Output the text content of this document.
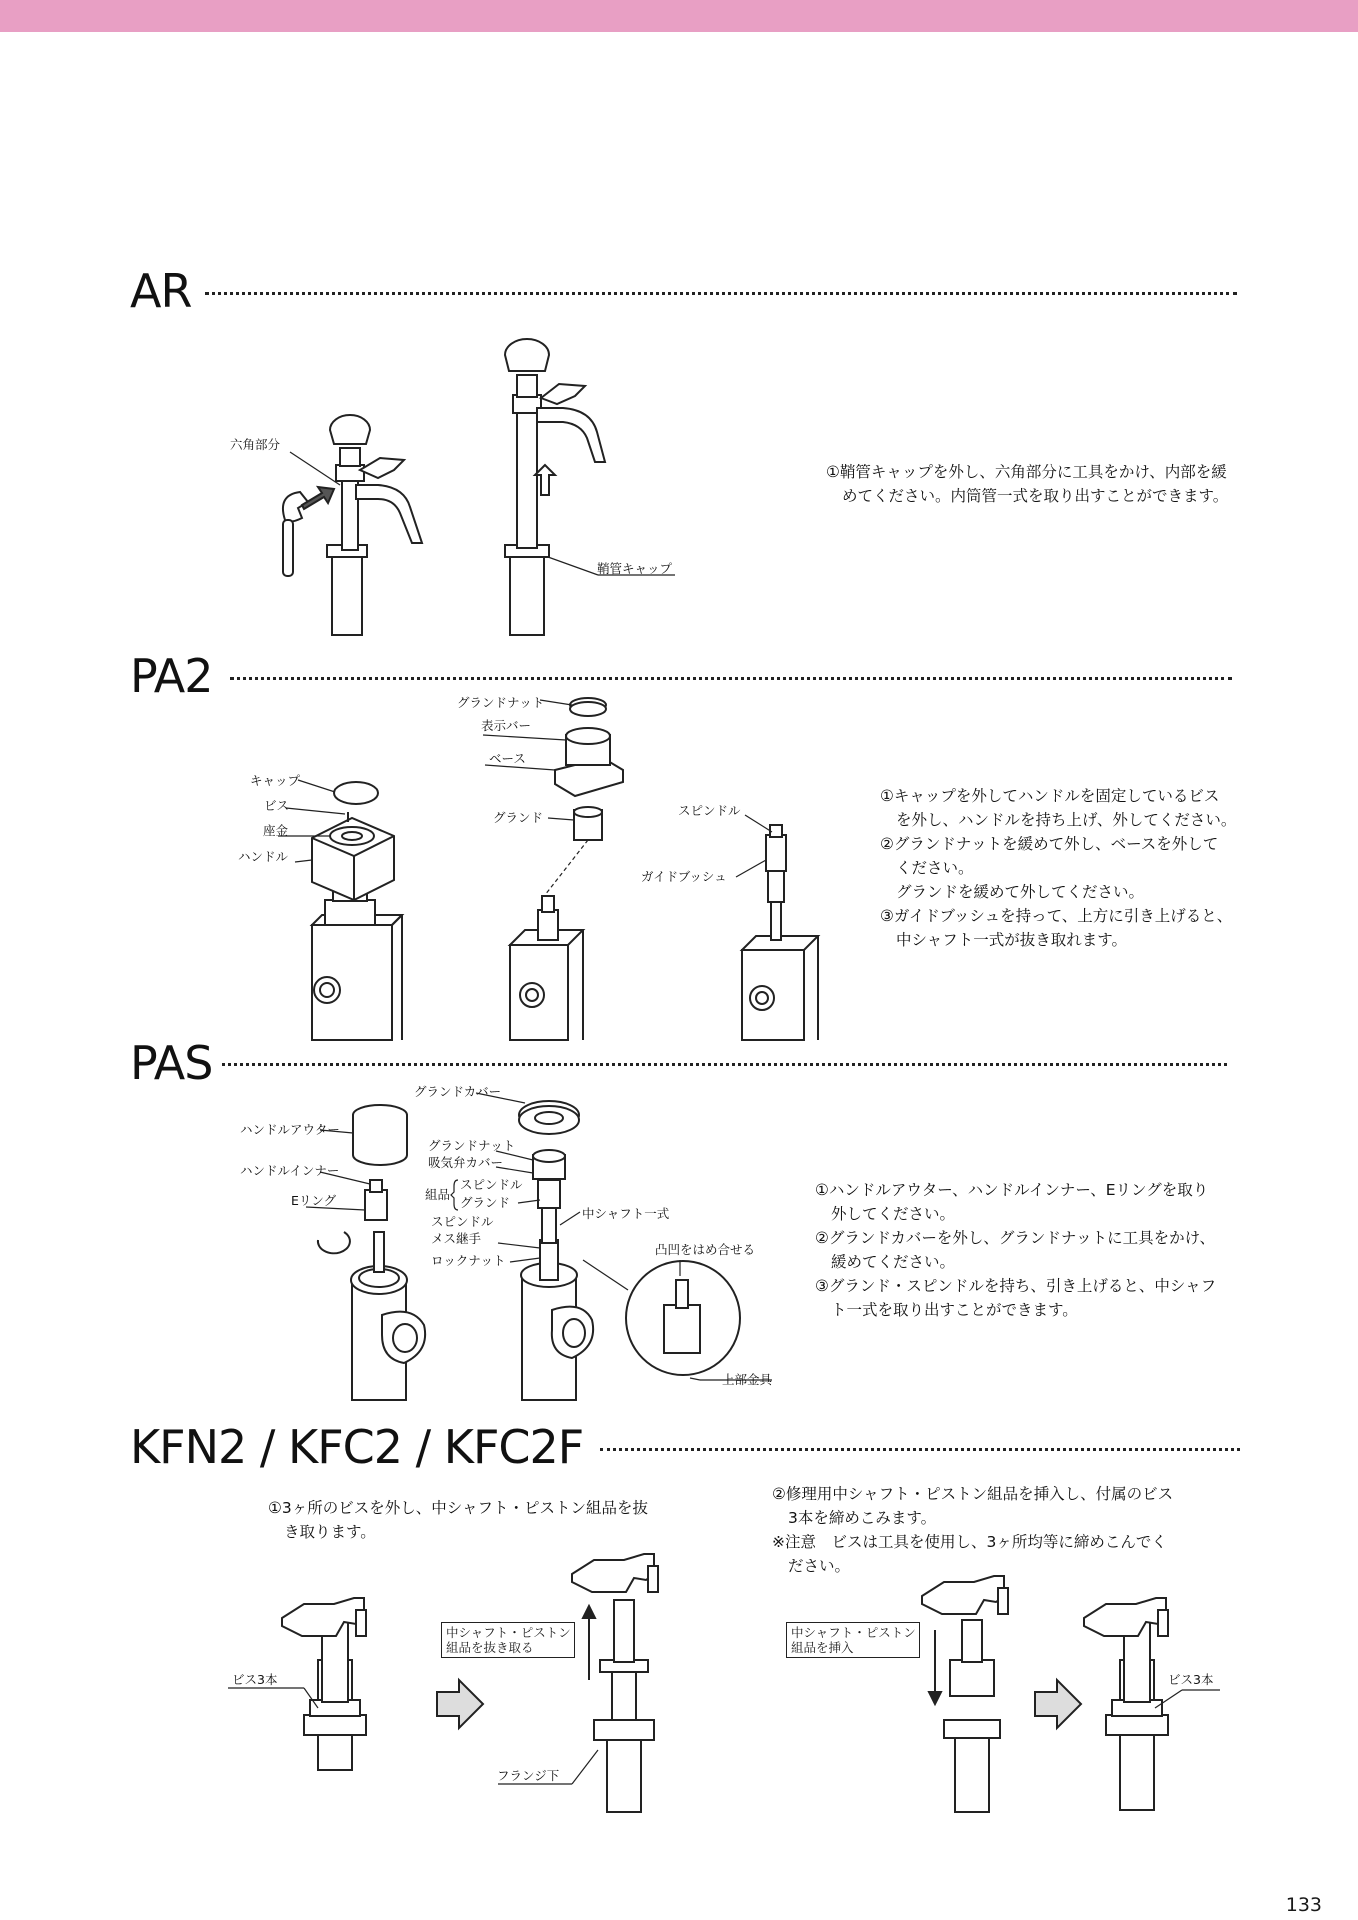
AR
六角部分
鞘管キャップ
①鞘管キャップを外し、六角部分に工具をかけ、内部を緩
めてください。内筒管一式を取り出すことができます。
PA2	グランドナット
表示バー
ベース
キャップ
ビス
グランド	スピンドル
座金
ハンドル
ガイドブッシュ
①キャップを外してハンドルを固定しているビス
を外し、ハンドルを持ち上げ、外してください。
②グランドナットを緩めて外し、ベースを外して
ください。
グランドを緩めて外してください。
③ガイドブッシュを持って、上方に引き上げると、
中シャフト一式が抜き取れます。
PAS
グランドカバー
ハンドルアウター
グランドナット
吸気弁カバー
ハンドルインナー
組品
スピンドル
グランド
Eリング
中シャフト一式
スピンドル
メス継手
凸凹をはめ合せる
ロックナット
上部金具
①ハンドルアウター、ハンドルインナー、Eリングを取り
外してください。
②グランドカバーを外し、グランドナットに工具をかけ、
緩めてください。
③グランド・スピンドルを持ち、引き上げると、中シャフ
ト一式を取り出すことができます。
KFN2 / KFC2 / KFC2F
①3ヶ所のビスを外し、中シャフト・ピストン組品を抜
き取ります。
②修理用中シャフト・ピストン組品を挿入し、付属のビス
3本を締めこみます。
※注意　ビスは工具を使用し、3ヶ所均等に締めこんでく
ださい。
ビス3本
中シャフト・ピストン
組品を抜き取る
フランジ下
中シャフト・ピストン
組品を挿入
ビス3本
133
